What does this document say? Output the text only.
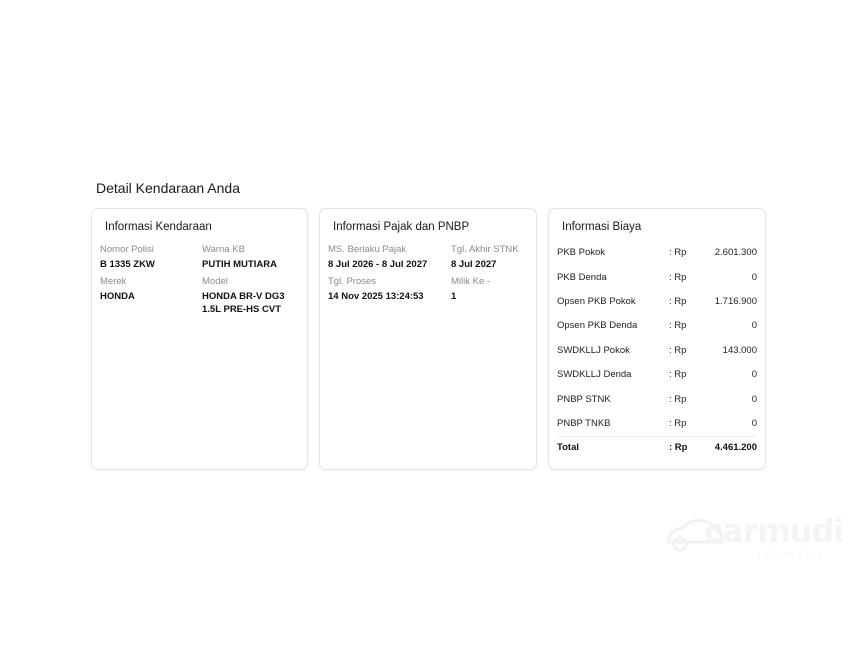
Detail Kendaraan Anda
Informasi Kendaraan
Nomor Polisi
B 1335 ZKW
Warna KB
PUTIH MUTIARA
Merek
HONDA
Model
HONDA BR-V DG3 1.5L PRE-HS CVT
Informasi Pajak dan PNBP
MS. Berlaku Pajak
8 Jul 2026 - 8 Jul 2027
Tgl. Akhir STNK
8 Jul 2027
Tgl. Proses
14 Nov 2025 13:24:53
Milik Ke -
1
Informasi Biaya
PKB Pokok	: Rp	2.601.300
PKB Denda	: Rp	0
Opsen PKB Pokok	: Rp	1.716.900
Opsen PKB Denda	: Rp	0
SWDKLLJ Pokok	: Rp	143.000
SWDKLLJ Denda	: Rp	0
PNBP STNK	: Rp	0
PNBP TNKB	: Rp	0
Total	: Rp	4.461.200
carmudi
INDONESIA
